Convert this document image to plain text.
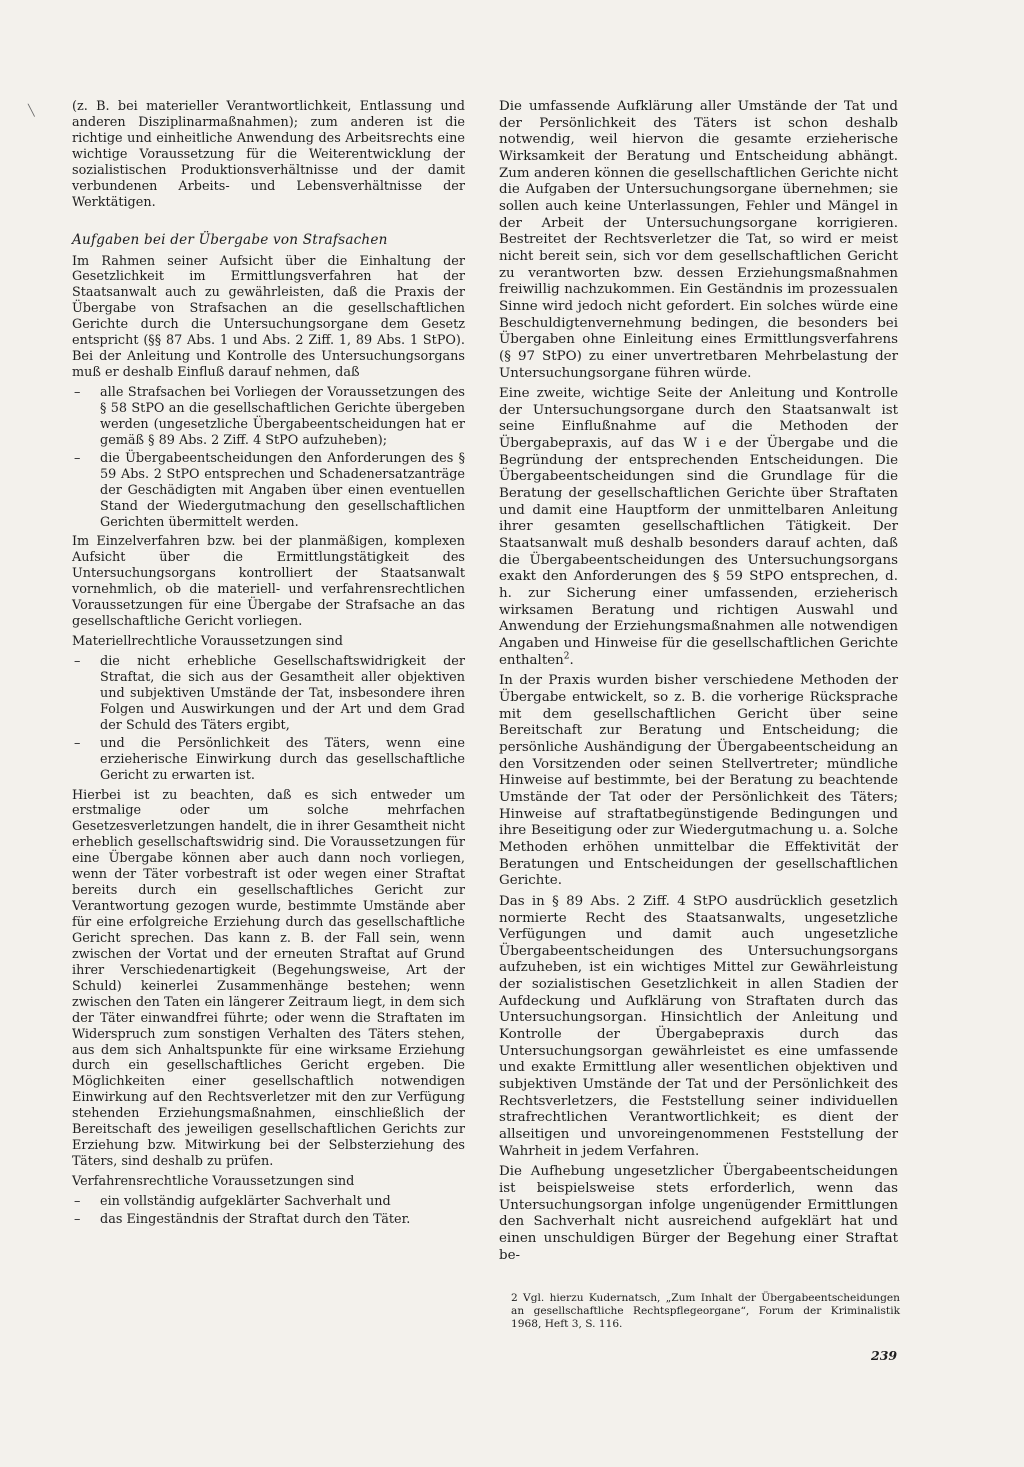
╲	(z. B. bei materieller Verantwortlichkeit, Entlassung und anderen Disziplinarmaßnahmen); zum anderen ist die richtige und einheitliche Anwendung des Arbeitsrechts eine wichtige Voraussetzung für die Weiterentwicklung der sozialistischen Produktionsverhältnisse und der damit verbundenen Arbeits- und Lebensverhältnisse der Werktätigen.

Aufgaben bei der Übergabe von Strafsachen

Im Rahmen seiner Aufsicht über die Einhaltung der Gesetzlichkeit im Ermittlungsverfahren hat der Staatsanwalt auch zu gewährleisten, daß die Praxis der Übergabe von Strafsachen an die gesellschaftlichen Gerichte durch die Untersuchungsorgane dem Gesetz entspricht (§§ 87 Abs. 1 und Abs. 2 Ziff. 1, 89 Abs. 1 StPO). Bei der Anleitung und Kontrolle des Untersuchungsorgans muß er deshalb Einfluß darauf nehmen, daß

– alle Strafsachen bei Vorliegen der Voraussetzungen des § 58 StPO an die gesellschaftlichen Gerichte übergeben werden (ungesetzliche Übergabeentscheidungen hat er gemäß § 89 Abs. 2 Ziff. 4 StPO aufzuheben);
– die Übergabeentscheidungen den Anforderungen des § 59 Abs. 2 StPO entsprechen und Schadenersatzanträge der Geschädigten mit Angaben über einen eventuellen Stand der Wiedergutmachung den gesellschaftlichen Gerichten übermittelt werden.

Im Einzelverfahren bzw. bei der planmäßigen, komplexen Aufsicht über die Ermittlungstätigkeit des Untersuchungsorgans kontrolliert der Staatsanwalt vornehmlich, ob die materiell- und verfahrensrechtlichen Voraussetzungen für eine Übergabe der Strafsache an das gesellschaftliche Gericht vorliegen.

Materiellrechtliche Voraussetzungen sind

– die nicht erhebliche Gesellschaftswidrigkeit der Straftat, die sich aus der Gesamtheit aller objektiven und subjektiven Umstände der Tat, insbesondere ihren Folgen und Auswirkungen und der Art und dem Grad der Schuld des Täters ergibt,
– und die Persönlichkeit des Täters, wenn eine erzieherische Einwirkung durch das gesellschaftliche Gericht zu erwarten ist.

Hierbei ist zu beachten, daß es sich entweder um erstmalige oder um solche mehrfachen Gesetzesverletzungen handelt, die in ihrer Gesamtheit nicht erheblich gesellschaftswidrig sind. Die Voraussetzungen für eine Übergabe können aber auch dann noch vorliegen, wenn der Täter vorbestraft ist oder wegen einer Straftat bereits durch ein gesellschaftliches Gericht zur Verantwortung gezogen wurde, bestimmte Umstände aber für eine erfolgreiche Erziehung durch das gesellschaftliche Gericht sprechen. Das kann z. B. der Fall sein, wenn zwischen der Vortat und der erneuten Straftat auf Grund ihrer Verschiedenartigkeit (Begehungsweise, Art der Schuld) keinerlei Zusammenhänge bestehen; wenn zwischen den Taten ein längerer Zeitraum liegt, in dem sich der Täter einwandfrei führte; oder wenn die Straftaten im Widerspruch zum sonstigen Verhalten des Täters stehen, aus dem sich Anhaltspunkte für eine wirksame Erziehung durch ein gesellschaftliches Gericht ergeben. Die Möglichkeiten einer gesellschaftlich notwendigen Einwirkung auf den Rechtsverletzer mit den zur Verfügung stehenden Erziehungsmaßnahmen, einschließlich der Bereitschaft des jeweiligen gesellschaftlichen Gerichts zur Erziehung bzw. Mitwirkung bei der Selbsterziehung des Täters, sind deshalb zu prüfen.

Verfahrensrechtliche Voraussetzungen sind

– ein vollständig aufgeklärter Sachverhalt und
– das Eingeständnis der Straftat durch den Täter.

Die umfassende Aufklärung aller Umstände der Tat und der Persönlichkeit des Täters ist schon deshalb notwendig, weil hiervon die gesamte erzieherische Wirksamkeit der Beratung und Entscheidung abhängt. Zum anderen können die gesellschaftlichen Gerichte nicht die Aufgaben der Untersuchungsorgane übernehmen; sie sollen auch keine Unterlassungen, Fehler und Mängel in der Arbeit der Untersuchungsorgane korrigieren. Bestreitet der Rechtsverletzer die Tat, so wird er meist nicht bereit sein, sich vor dem gesellschaftlichen Gericht zu verantworten bzw. dessen Erziehungsmaßnahmen freiwillig nachzukommen. Ein Geständnis im prozessualen Sinne wird jedoch nicht gefordert. Ein solches würde eine Beschuldigtenvernehmung bedingen, die besonders bei Übergaben ohne Einleitung eines Ermittlungsverfahrens (§ 97 StPO) zu einer unvertretbaren Mehrbelastung der Untersuchungsorgane führen würde.

Eine zweite, wichtige Seite der Anleitung und Kontrolle der Untersuchungsorgane durch den Staatsanwalt ist seine Einflußnahme auf die Methoden der Übergabepraxis, auf das W i e der Übergabe und die Begründung der entsprechenden Entscheidungen. Die Übergabeentscheidungen sind die Grundlage für die Beratung der gesellschaftlichen Gerichte über Straftaten und damit eine Hauptform der unmittelbaren Anleitung ihrer gesamten gesellschaftlichen Tätigkeit. Der Staatsanwalt muß deshalb besonders darauf achten, daß die Übergabeentscheidungen des Untersuchungsorgans exakt den Anforderungen des § 59 StPO entsprechen, d. h. zur Sicherung einer umfassenden, erzieherisch wirksamen Beratung und richtigen Auswahl und Anwendung der Erziehungsmaßnahmen alle notwendigen Angaben und Hinweise für die gesellschaftlichen Gerichte enthalten$^2$.

In der Praxis wurden bisher verschiedene Methoden der Übergabe entwickelt, so z. B. die vorherige Rücksprache mit dem gesellschaftlichen Gericht über seine Bereitschaft zur Beratung und Entscheidung; die persönliche Aushändigung der Übergabeentscheidung an den Vorsitzenden oder seinen Stellvertreter; mündliche Hinweise auf bestimmte, bei der Beratung zu beachtende Umstände der Tat oder der Persönlichkeit des Täters; Hinweise auf straftatbegünstigende Bedingungen und ihre Beseitigung oder zur Wiedergutmachung u. a. Solche Methoden erhöhen unmittelbar die Effektivität der Beratungen und Entscheidungen der gesellschaftlichen Gerichte.

Das in § 89 Abs. 2 Ziff. 4 StPO ausdrücklich gesetzlich normierte Recht des Staatsanwalts, ungesetzliche Verfügungen und damit auch ungesetzliche Übergabeentscheidungen des Untersuchungsorgans aufzuheben, ist ein wichtiges Mittel zur Gewährleistung der sozialistischen Gesetzlichkeit in allen Stadien der Aufdeckung und Aufklärung von Straftaten durch das Untersuchungsorgan. Hinsichtlich der Anleitung und Kontrolle der Übergabepraxis durch das Untersuchungsorgan gewährleistet es eine umfassende und exakte Ermittlung aller wesentlichen objektiven und subjektiven Umstände der Tat und der Persönlichkeit des Rechtsverletzers, die Feststellung seiner individuellen strafrechtlichen Verantwortlichkeit; es dient der allseitigen und unvoreingenommenen Feststellung der Wahrheit in jedem Verfahren.

Die Aufhebung ungesetzlicher Übergabeentscheidungen ist beispielsweise stets erforderlich, wenn das Untersuchungsorgan infolge ungenügender Ermittlungen den Sachverhalt nicht ausreichend aufgeklärt hat und einen unschuldigen Bürger der Begehung einer Straftat be-

2 Vgl. hierzu Kudernatsch, „Zum Inhalt der Übergabeentscheidungen an gesellschaftliche Rechtspflegeorgane“, Forum der Kriminalistik 1968, Heft 3, S. 116.
239
